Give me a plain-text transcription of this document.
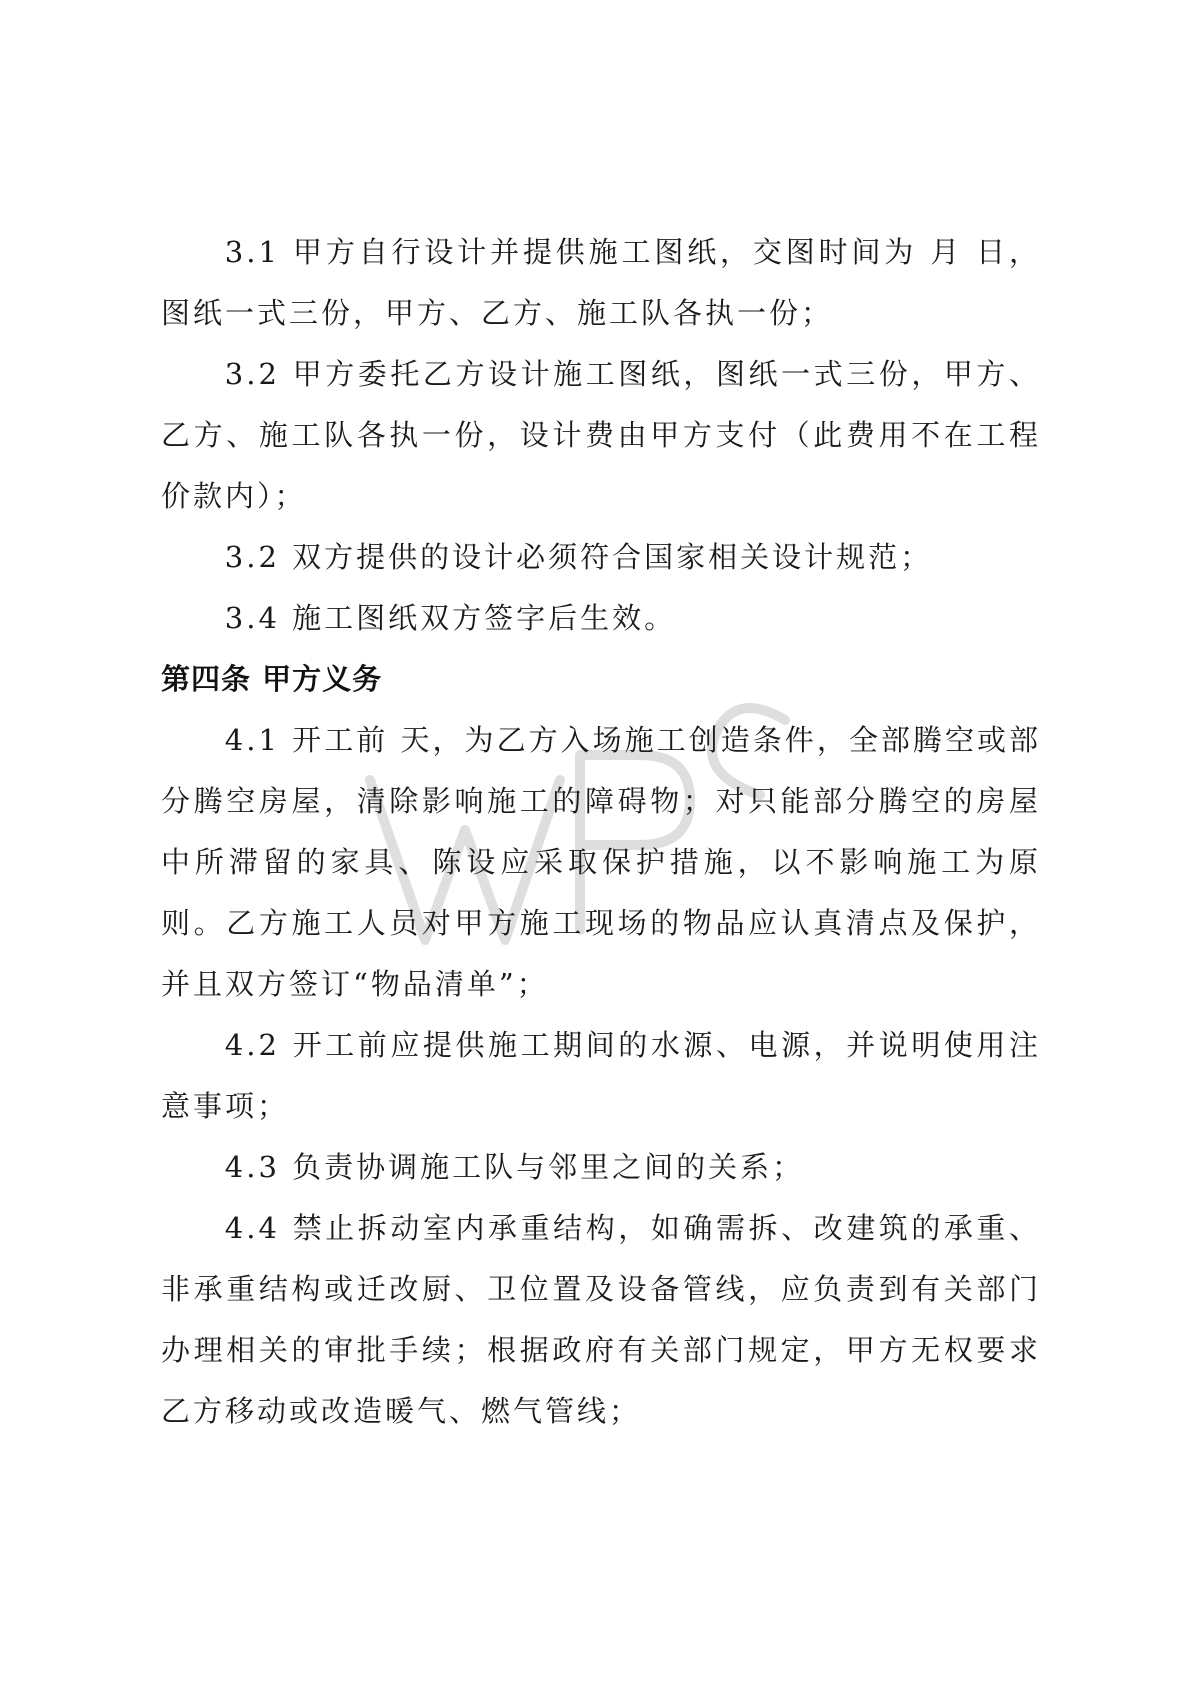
WPS

3.1 甲方自行设计并提供施工图纸，交图时间为 月 日，图纸一式三份，甲方、乙方、施工队各执一份；

3.2 甲方委托乙方设计施工图纸，图纸一式三份，甲方、乙方、施工队各执一份，设计费由甲方支付（此费用不在工程价款内）；

3.2 双方提供的设计必须符合国家相关设计规范；

3.4 施工图纸双方签字后生效。

第四条 甲方义务

4.1 开工前 天，为乙方入场施工创造条件，全部腾空或部分腾空房屋，清除影响施工的障碍物；对只能部分腾空的房屋中所滞留的家具、陈设应采取保护措施，以不影响施工为原则。乙方施工人员对甲方施工现场的物品应认真清点及保护，并且双方签订“物品清单”；

4.2 开工前应提供施工期间的水源、电源，并说明使用注意事项；

4.3 负责协调施工队与邻里之间的关系；

4.4 禁止拆动室内承重结构，如确需拆、改建筑的承重、非承重结构或迁改厨、卫位置及设备管线，应负责到有关部门办理相关的审批手续；根据政府有关部门规定，甲方无权要求乙方移动或改造暖气、燃气管线；
